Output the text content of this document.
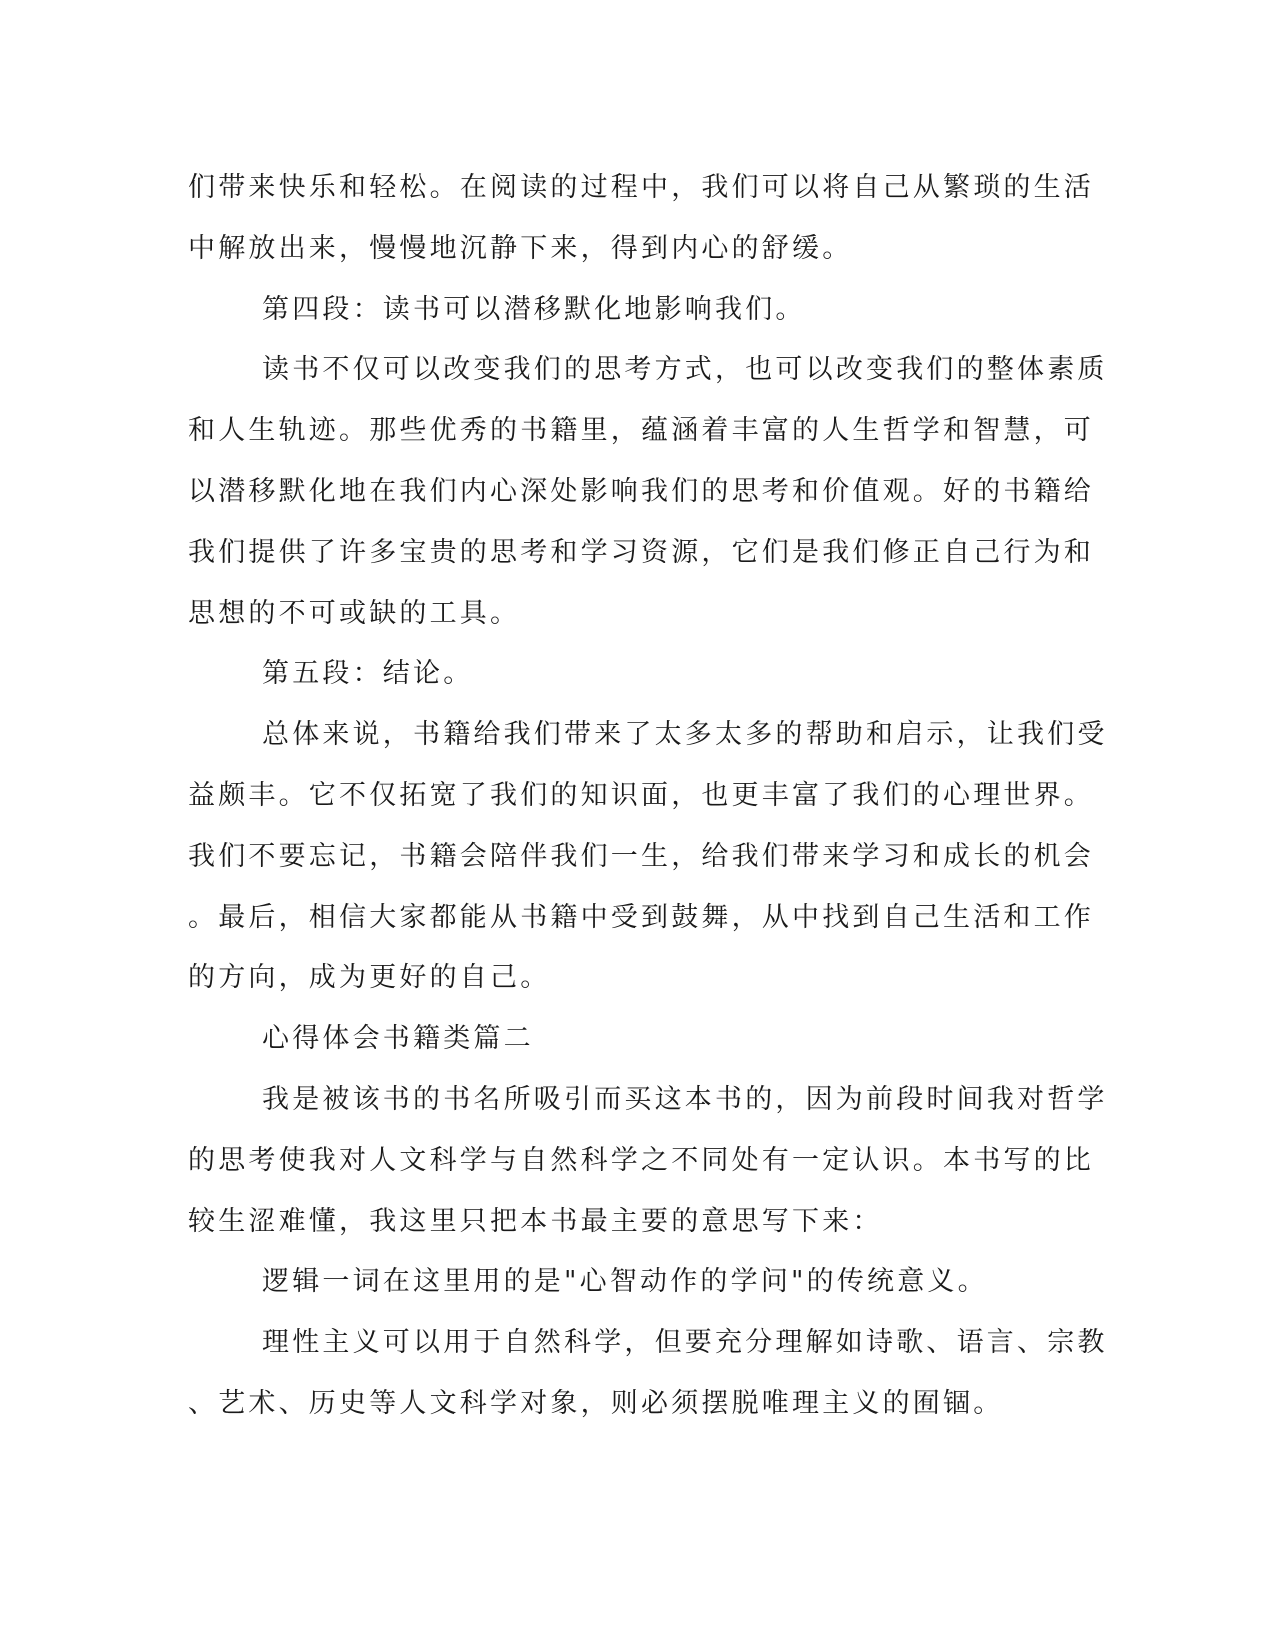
们带来快乐和轻松。在阅读的过程中，我们可以将自己从繁琐的生活
中解放出来，慢慢地沉静下来，得到内心的舒缓。
第四段：读书可以潜移默化地影响我们。
读书不仅可以改变我们的思考方式，也可以改变我们的整体素质
和人生轨迹。那些优秀的书籍里，蕴涵着丰富的人生哲学和智慧，可
以潜移默化地在我们内心深处影响我们的思考和价值观。好的书籍给
我们提供了许多宝贵的思考和学习资源，它们是我们修正自己行为和
思想的不可或缺的工具。
第五段：结论。
总体来说，书籍给我们带来了太多太多的帮助和启示，让我们受
益颇丰。它不仅拓宽了我们的知识面，也更丰富了我们的心理世界。
我们不要忘记，书籍会陪伴我们一生，给我们带来学习和成长的机会
。最后，相信大家都能从书籍中受到鼓舞，从中找到自己生活和工作
的方向，成为更好的自己。
心得体会书籍类篇二
我是被该书的书名所吸引而买这本书的，因为前段时间我对哲学
的思考使我对人文科学与自然科学之不同处有一定认识。本书写的比
较生涩难懂，我这里只把本书最主要的意思写下来：
逻辑一词在这里用的是"心智动作的学问"的传统意义。
理性主义可以用于自然科学，但要充分理解如诗歌、语言、宗教
、艺术、历史等人文科学对象，则必须摆脱唯理主义的囿锢。
